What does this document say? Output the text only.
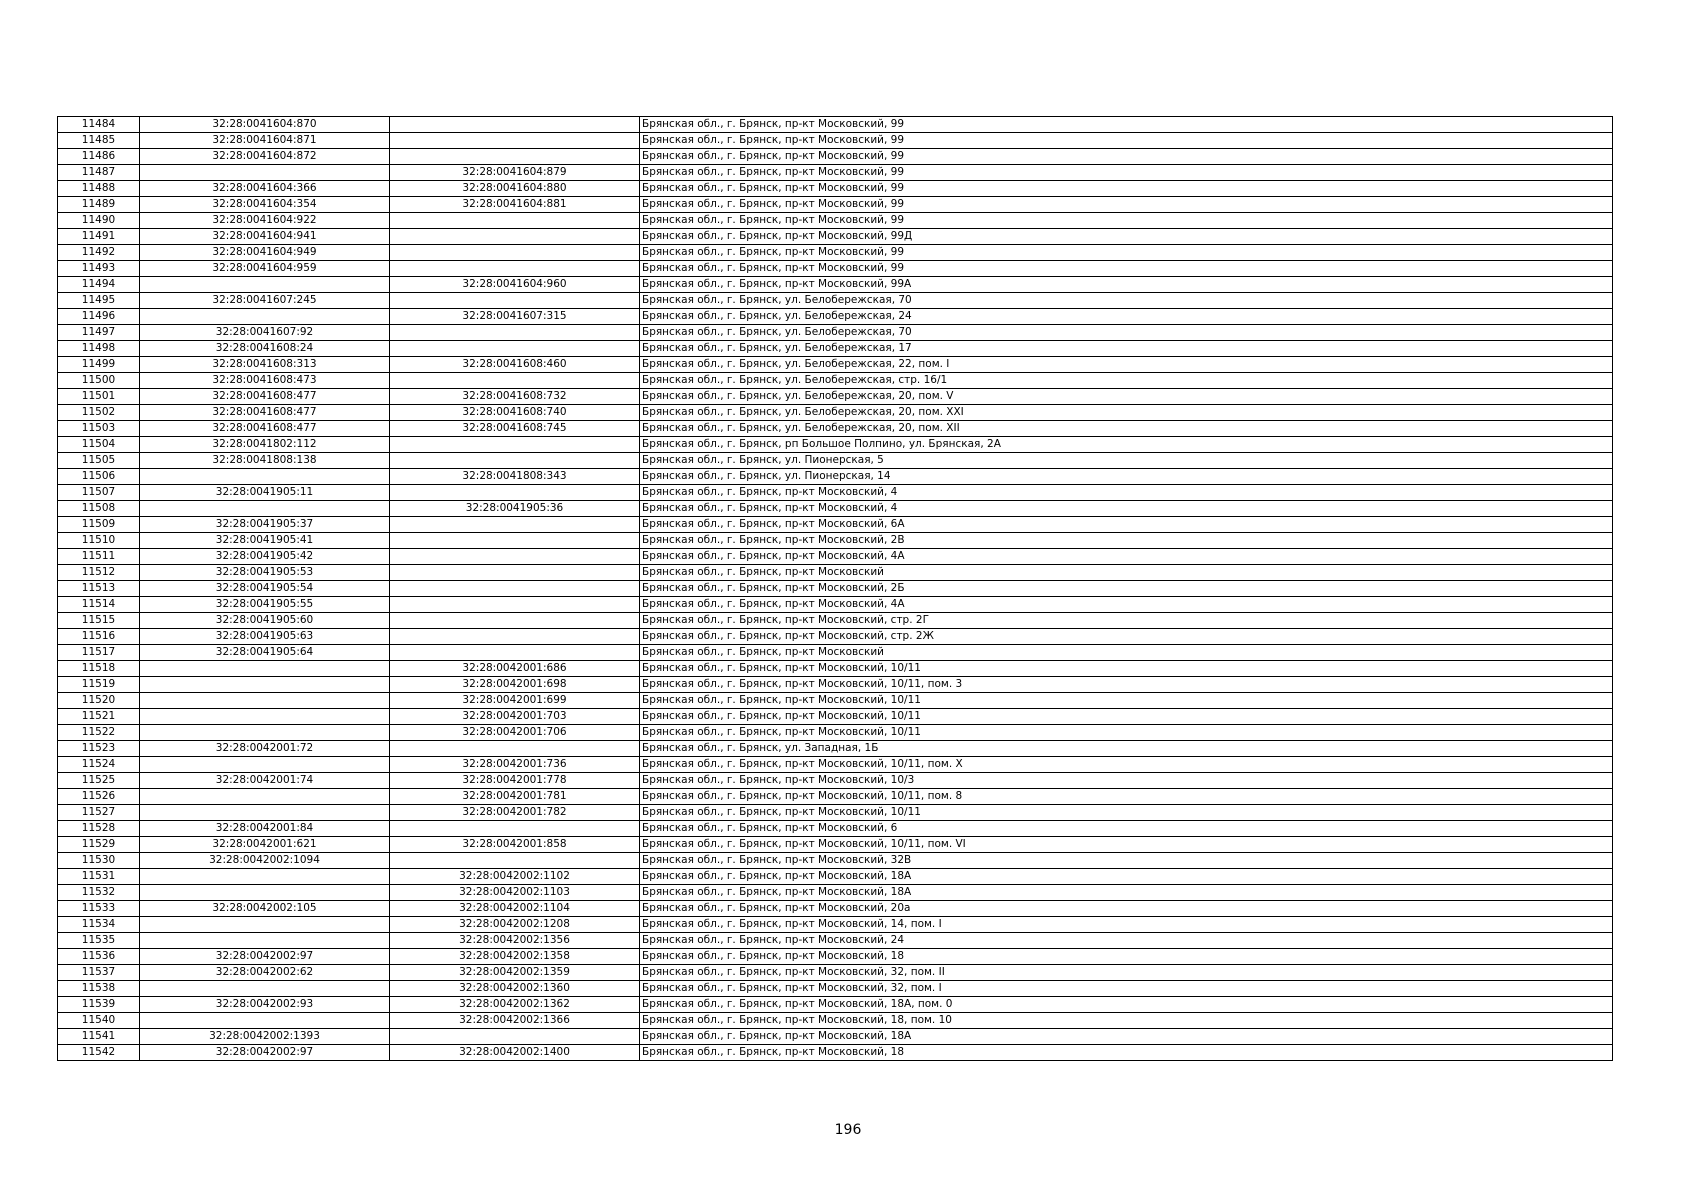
11484	32:28:0041604:870		Брянская обл., г. Брянск, пр-кт Московский, 99
11485	32:28:0041604:871		Брянская обл., г. Брянск, пр-кт Московский, 99
11486	32:28:0041604:872		Брянская обл., г. Брянск, пр-кт Московский, 99
11487		32:28:0041604:879	Брянская обл., г. Брянск, пр-кт Московский, 99
11488	32:28:0041604:366	32:28:0041604:880	Брянская обл., г. Брянск, пр-кт Московский, 99
11489	32:28:0041604:354	32:28:0041604:881	Брянская обл., г. Брянск, пр-кт Московский, 99
11490	32:28:0041604:922		Брянская обл., г. Брянск, пр-кт Московский, 99
11491	32:28:0041604:941		Брянская обл., г. Брянск, пр-кт Московский, 99Д
11492	32:28:0041604:949		Брянская обл., г. Брянск, пр-кт Московский, 99
11493	32:28:0041604:959		Брянская обл., г. Брянск, пр-кт Московский, 99
11494		32:28:0041604:960	Брянская обл., г. Брянск, пр-кт Московский, 99А
11495	32:28:0041607:245		Брянская обл., г. Брянск, ул. Белобережская, 70
11496		32:28:0041607:315	Брянская обл., г. Брянск, ул. Белобережская, 24
11497	32:28:0041607:92		Брянская обл., г. Брянск, ул. Белобережская, 70
11498	32:28:0041608:24		Брянская обл., г. Брянск, ул. Белобережская, 17
11499	32:28:0041608:313	32:28:0041608:460	Брянская обл., г. Брянск, ул. Белобережская, 22, пом. I
11500	32:28:0041608:473		Брянская обл., г. Брянск, ул. Белобережская, стр. 16/1
11501	32:28:0041608:477	32:28:0041608:732	Брянская обл., г. Брянск, ул. Белобережская, 20, пом. V
11502	32:28:0041608:477	32:28:0041608:740	Брянская обл., г. Брянск, ул. Белобережская, 20, пом. XXI
11503	32:28:0041608:477	32:28:0041608:745	Брянская обл., г. Брянск, ул. Белобережская, 20, пом. XII
11504	32:28:0041802:112		Брянская обл., г. Брянск, рп Большое Полпино, ул. Брянская, 2А
11505	32:28:0041808:138		Брянская обл., г. Брянск, ул. Пионерская, 5
11506		32:28:0041808:343	Брянская обл., г. Брянск, ул. Пионерская, 14
11507	32:28:0041905:11		Брянская обл., г. Брянск, пр-кт Московский, 4
11508		32:28:0041905:36	Брянская обл., г. Брянск, пр-кт Московский, 4
11509	32:28:0041905:37		Брянская обл., г. Брянск, пр-кт Московский, 6А
11510	32:28:0041905:41		Брянская обл., г. Брянск, пр-кт Московский, 2В
11511	32:28:0041905:42		Брянская обл., г. Брянск, пр-кт Московский, 4А
11512	32:28:0041905:53		Брянская обл., г. Брянск, пр-кт Московский
11513	32:28:0041905:54		Брянская обл., г. Брянск, пр-кт Московский, 2Б
11514	32:28:0041905:55		Брянская обл., г. Брянск, пр-кт Московский, 4А
11515	32:28:0041905:60		Брянская обл., г. Брянск, пр-кт Московский, стр. 2Г
11516	32:28:0041905:63		Брянская обл., г. Брянск, пр-кт Московский, стр. 2Ж
11517	32:28:0041905:64		Брянская обл., г. Брянск, пр-кт Московский
11518		32:28:0042001:686	Брянская обл., г. Брянск, пр-кт Московский, 10/11
11519		32:28:0042001:698	Брянская обл., г. Брянск, пр-кт Московский, 10/11, пом. 3
11520		32:28:0042001:699	Брянская обл., г. Брянск, пр-кт Московский, 10/11
11521		32:28:0042001:703	Брянская обл., г. Брянск, пр-кт Московский, 10/11
11522		32:28:0042001:706	Брянская обл., г. Брянск, пр-кт Московский, 10/11
11523	32:28:0042001:72		Брянская обл., г. Брянск, ул. Западная, 1Б
11524		32:28:0042001:736	Брянская обл., г. Брянск, пр-кт Московский, 10/11, пом. X
11525	32:28:0042001:74	32:28:0042001:778	Брянская обл., г. Брянск, пр-кт Московский, 10/3
11526		32:28:0042001:781	Брянская обл., г. Брянск, пр-кт Московский, 10/11, пом. 8
11527		32:28:0042001:782	Брянская обл., г. Брянск, пр-кт Московский, 10/11
11528	32:28:0042001:84		Брянская обл., г. Брянск, пр-кт Московский, 6
11529	32:28:0042001:621	32:28:0042001:858	Брянская обл., г. Брянск, пр-кт Московский, 10/11, пом. VI
11530	32:28:0042002:1094		Брянская обл., г. Брянск, пр-кт Московский, 32В
11531		32:28:0042002:1102	Брянская обл., г. Брянск, пр-кт Московский, 18А
11532		32:28:0042002:1103	Брянская обл., г. Брянск, пр-кт Московский, 18А
11533	32:28:0042002:105	32:28:0042002:1104	Брянская обл., г. Брянск, пр-кт Московский, 20а
11534		32:28:0042002:1208	Брянская обл., г. Брянск, пр-кт Московский, 14, пом. I
11535		32:28:0042002:1356	Брянская обл., г. Брянск, пр-кт Московский, 24
11536	32:28:0042002:97	32:28:0042002:1358	Брянская обл., г. Брянск, пр-кт Московский, 18
11537	32:28:0042002:62	32:28:0042002:1359	Брянская обл., г. Брянск, пр-кт Московский, 32, пом. II
11538		32:28:0042002:1360	Брянская обл., г. Брянск, пр-кт Московский, 32, пом. I
11539	32:28:0042002:93	32:28:0042002:1362	Брянская обл., г. Брянск, пр-кт Московский, 18А, пом. 0
11540		32:28:0042002:1366	Брянская обл., г. Брянск, пр-кт Московский, 18, пом. 10
11541	32:28:0042002:1393		Брянская обл., г. Брянск, пр-кт Московский, 18А
11542	32:28:0042002:97	32:28:0042002:1400	Брянская обл., г. Брянск, пр-кт Московский, 18
196
